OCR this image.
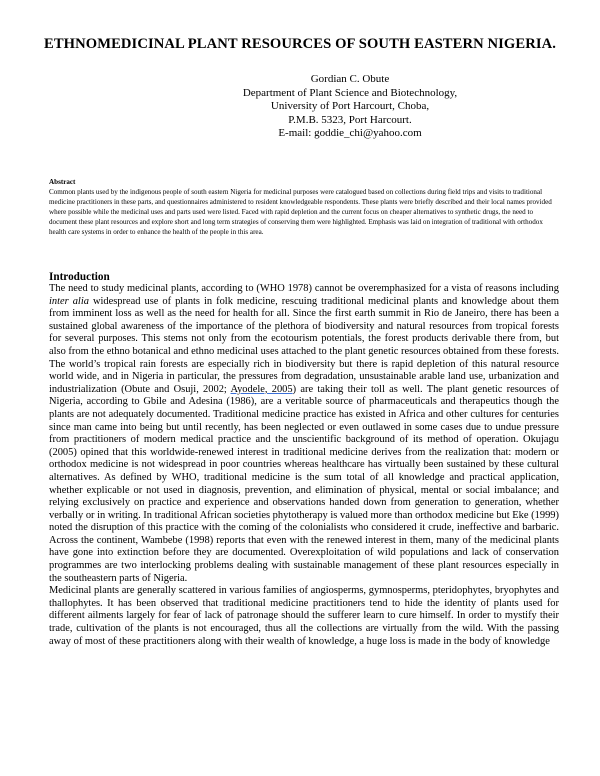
ETHNOMEDICINAL PLANT RESOURCES OF SOUTH EASTERN NIGERIA.
Gordian C. Obute
Department of Plant Science and Biotechnology,
University of Port Harcourt, Choba,
P.M.B. 5323, Port Harcourt.
E-mail: goddie_chi@yahoo.com
Abstract
Common plants used by the indigenous people of south eastern Nigeria for medicinal purposes were catalogued based on collections during field trips and visits to traditional medicine practitioners in these parts, and questionnaires administered to resident knowledgeable respondents. These plants were briefly described and their local names provided where possible while the medicinal uses and parts used were listed. Faced with rapid depletion and the current focus on cheaper alternatives to synthetic drugs, the need to document these plant resources and explore short and long term strategies of conserving them were highlighted. Emphasis was laid on integration of traditional with orthodox health care systems in order to enhance the health of the people in this area.
Introduction

The need to study medicinal plants, according to (WHO 1978) cannot be overemphasized for a vista of reasons including inter alia widespread use of plants in folk medicine, rescuing traditional medicinal plants and knowledge about them from imminent loss as well as the need for health for all. Since the first earth summit in Rio de Janeiro, there has been a sustained global awareness of the importance of the plethora of biodiversity and natural resources from tropical forests for several purposes. This stems not only from the ecotourism potentials, the forest products derivable there from, but also from the ethno botanical and ethno medicinal uses attached to the plant genetic resources obtained from these forests. The world’s tropical rain forests are especially rich in biodiversity but there is rapid depletion of this natural resource world wide, and in Nigeria in particular, the pressures from degradation, unsustainable arable land use, urbanization and industrialization (Obute and Osuji, 2002; Ayodele, 2005) are taking their toll as well. The plant genetic resources of Nigeria, according to Gbile and Adesina (1986), are a veritable source of pharmaceuticals and therapeutics though the plants are not adequately documented. Traditional medicine practice has existed in Africa and other cultures for centuries since man came into being but until recently, has been neglected or even outlawed in some cases due to undue pressure from practitioners of modern medical practice and the unscientific background of its method of operation. Okujagu (2005) opined that this worldwide-renewed interest in traditional medicine derives from the realization that: modern or orthodox medicine is not widespread in poor countries whereas healthcare has virtually been sustained by these cultural alternatives. As defined by WHO, traditional medicine is the sum total of all knowledge and practical application, whether explicable or not used in diagnosis, prevention, and elimination of physical, mental or social imbalance; and relying exclusively on practice and experience and observations handed down from generation to generation, whether verbally or in writing. In traditional African societies phytotherapy is valued more than orthodox medicine but Eke (1999) noted the disruption of this practice with the coming of the colonialists who considered it crude, ineffective and barbaric. Across the continent, Wambebe (1998) reports that even with the renewed interest in them, many of the medicinal plants have gone into extinction before they are documented. Overexploitation of wild populations and lack of conservation programmes are two interlocking problems dealing with sustainable management of these plant resources especially in the southeastern parts of Nigeria.

Medicinal plants are generally scattered in various families of angiosperms, gymnosperms, pteridophytes, bryophytes and thallophytes. It has been observed that traditional medicine practitioners tend to hide the identity of plants used for different ailments largely for fear of lack of patronage should the sufferer learn to cure himself. In order to mystify their trade, cultivation of the plants is not encouraged, thus all the collections are virtually from the wild. With the passing away of most of these practitioners along with their wealth of knowledge, a huge loss is made in the body of knowledge
